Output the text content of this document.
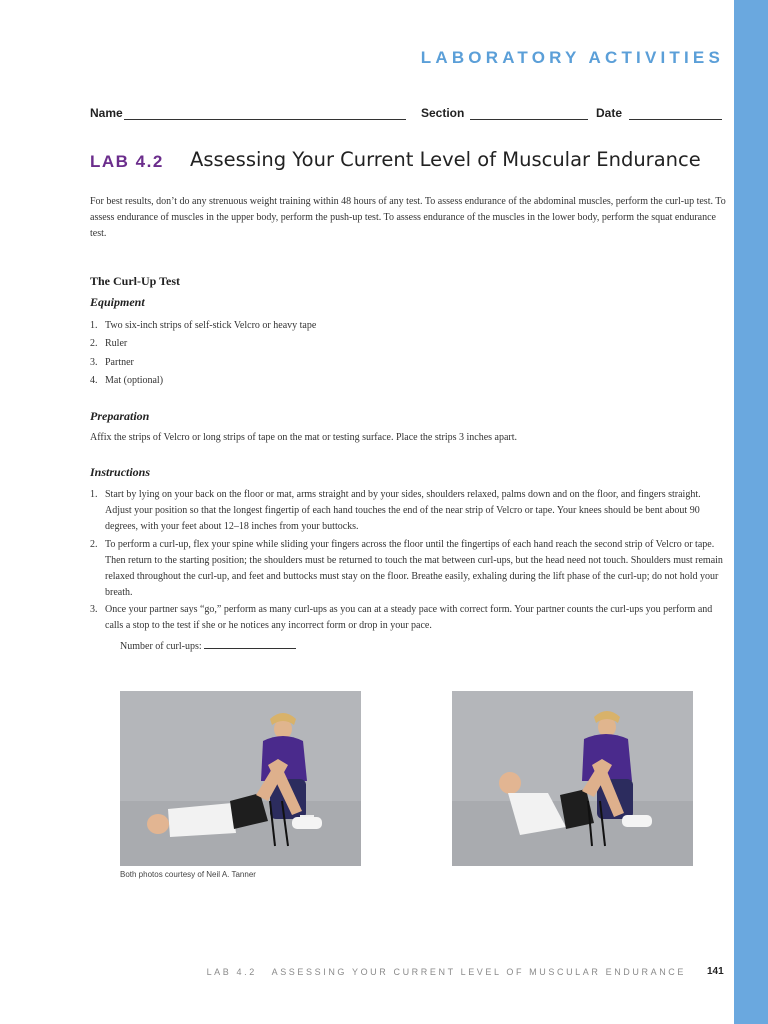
LABORATORY ACTIVITIES
Name	Section	Date
LAB 4.2 Assessing Your Current Level of Muscular Endurance

For best results, don’t do any strenuous weight training within 48 hours of any test. To assess endurance of the abdominal muscles, perform the curl-up test. To assess endurance of muscles in the upper body, perform the push-up test. To assess endurance of the muscles in the lower body, perform the squat endurance test.

The Curl-Up Test
Equipment
1. Two six-inch strips of self-stick Velcro or heavy tape
2. Ruler
3. Partner
4. Mat (optional)
Preparation

Affix the strips of Velcro or long strips of tape on the mat or testing surface. Place the strips 3 inches apart.

Instructions
1. Start by lying on your back on the floor or mat, arms straight and by your sides, shoulders relaxed, palms down and on the floor, and fingers straight. Adjust your position so that the longest fingertip of each hand touches the end of the near strip of Velcro or tape. Your knees should be bent about 90 degrees, with your feet about 12–18 inches from your buttocks.
2. To perform a curl-up, flex your spine while sliding your fingers across the floor until the fingertips of each hand reach the second strip of Velcro or tape. Then return to the starting position; the shoulders must be returned to touch the mat between curl-ups, but the head need not touch. Shoulders must remain relaxed throughout the curl-up, and feet and buttocks must stay on the floor. Breathe easily, exhaling during the lift phase of the curl-up; do not hold your breath.
3. Once your partner says “go,” perform as many curl-ups as you can at a steady pace with correct form. Your partner counts the curl-ups you perform and calls a stop to the test if she or he notices any incorrect form or drop in your pace.
Number of curl-ups:
Both photos courtesy of Neil A. Tanner
LAB 4.2   ASSESSING YOUR CURRENT LEVEL OF MUSCULAR ENDURANCE 141
